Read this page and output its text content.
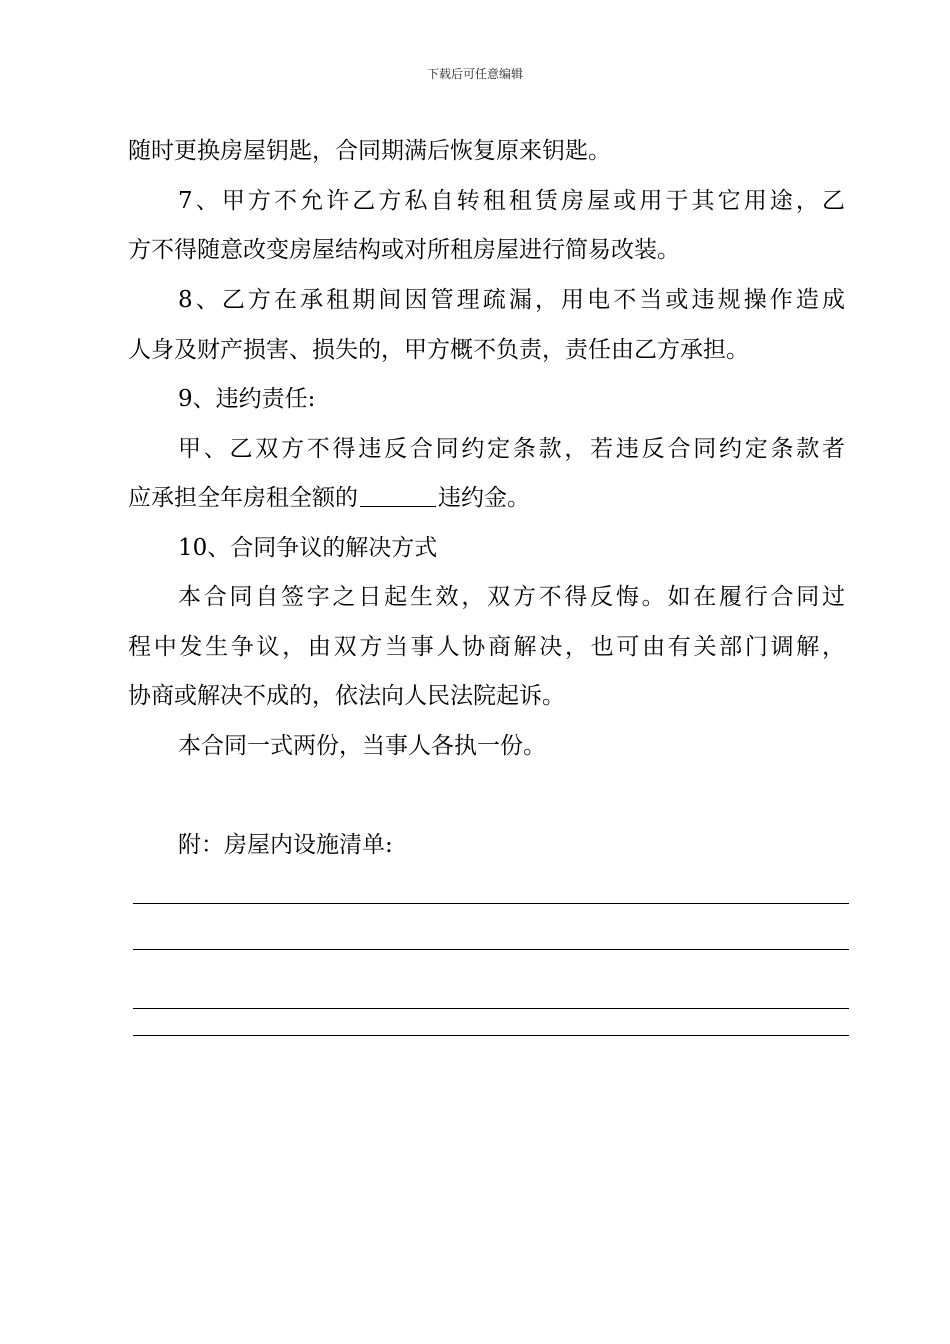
下载后可任意编辑
随时更换房屋钥匙，合同期满后恢复原来钥匙。
7、甲方不允许乙方私自转租租赁房屋或用于其它用途，乙
方不得随意改变房屋结构或对所租房屋进行简易改装。
8、乙方在承租期间因管理疏漏，用电不当或违规操作造成
人身及财产损害、损失的，甲方概不负责，责任由乙方承担。
9、违约责任:
甲、乙双方不得违反合同约定条款，若违反合同约定条款者
应承担全年房租全额的	违约金。
10、合同争议的解决方式
本合同自签字之日起生效，双方不得反悔。如在履行合同过
程中发生争议，由双方当事人协商解决，也可由有关部门调解，
协商或解决不成的，依法向人民法院起诉。
本合同一式两份，当事人各执一份。
附：房屋内设施清单:
